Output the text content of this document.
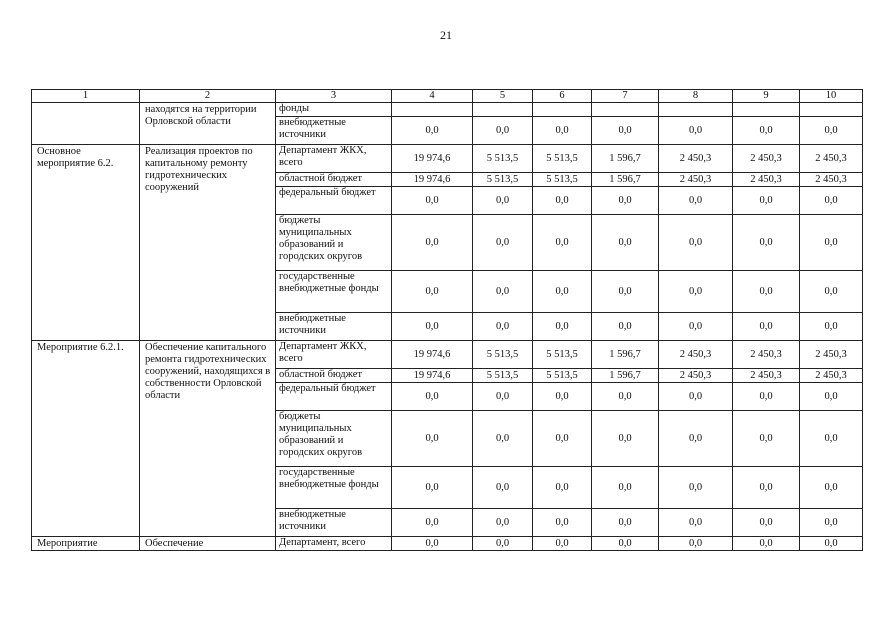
21
1	2	3	4	5	6	7	8	9	10
	находятся на территории Орловской области	фонды							
		внебюджетные источники	0,0	0,0	0,0	0,0	0,0	0,0	0,0
Основное мероприятие 6.2.	Реализация проектов по капитальному ремонту гидротехнических сооружений	Департамент ЖКХ, всего	19 974,6	5 513,5	5 513,5	1 596,7	2 450,3	2 450,3	2 450,3
		областной бюджет	19 974,6	5 513,5	5 513,5	1 596,7	2 450,3	2 450,3	2 450,3
		федеральный бюджет	0,0	0,0	0,0	0,0	0,0	0,0	0,0
		бюджеты муниципальных образований и городских округов	0,0	0,0	0,0	0,0	0,0	0,0	0,0
		государственные внебюджетные фонды	0,0	0,0	0,0	0,0	0,0	0,0	0,0
		внебюджетные источники	0,0	0,0	0,0	0,0	0,0	0,0	0,0
Мероприятие 6.2.1.	Обеспечение капитального ремонта гидротехнических сооружений, находящихся в собственности Орловской области	Департамент ЖКХ, всего	19 974,6	5 513,5	5 513,5	1 596,7	2 450,3	2 450,3	2 450,3
		областной бюджет	19 974,6	5 513,5	5 513,5	1 596,7	2 450,3	2 450,3	2 450,3
		федеральный бюджет	0,0	0,0	0,0	0,0	0,0	0,0	0,0
		бюджеты муниципальных образований и городских округов	0,0	0,0	0,0	0,0	0,0	0,0	0,0
		государственные внебюджетные фонды	0,0	0,0	0,0	0,0	0,0	0,0	0,0
		внебюджетные источники	0,0	0,0	0,0	0,0	0,0	0,0	0,0
Мероприятие	Обеспечение	Департамент, всего	0,0	0,0	0,0	0,0	0,0	0,0	0,0
